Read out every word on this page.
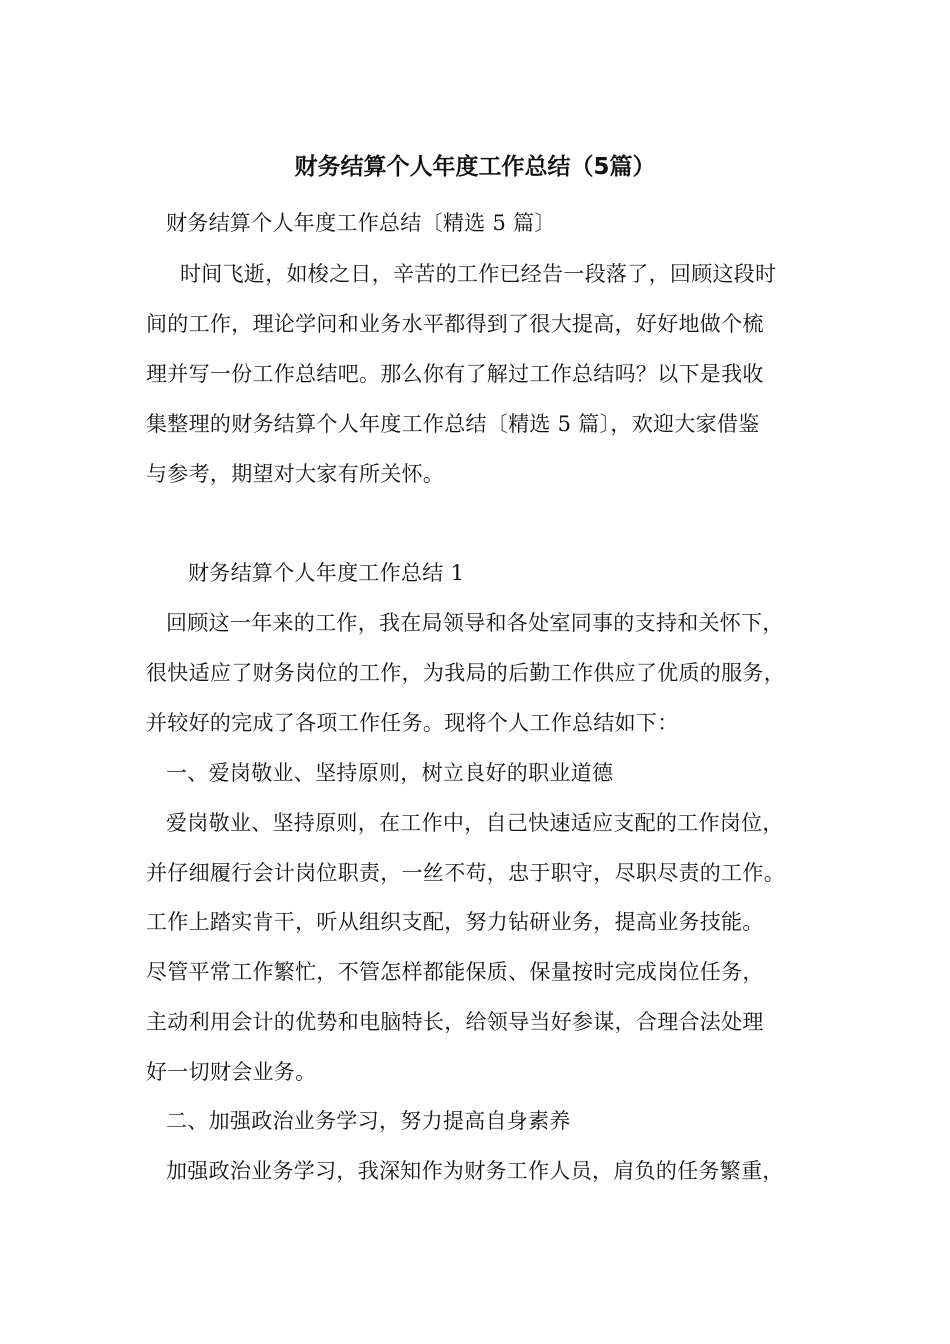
财务结算个人年度工作总结（5篇）
财务结算个人年度工作总结〔精选 5 篇〕
时间飞逝，如梭之日，辛苦的工作已经告一段落了，回顾这段时
间的工作，理论学问和业务水平都得到了很大提高，好好地做个梳
理并写一份工作总结吧。那么你有了解过工作总结吗？以下是我收
集整理的财务结算个人年度工作总结〔精选 5 篇〕，欢迎大家借鉴
与参考，期望对大家有所关怀。
财务结算个人年度工作总结 1
回顾这一年来的工作，我在局领导和各处室同事的支持和关怀下，
很快适应了财务岗位的工作，为我局的后勤工作供应了优质的服务，
并较好的完成了各项工作任务。现将个人工作总结如下：
一、爱岗敬业、坚持原则，树立良好的职业道德
爱岗敬业、坚持原则，在工作中，自己快速适应支配的工作岗位，
并仔细履行会计岗位职责，一丝不苟，忠于职守，尽职尽责的工作。
工作上踏实肯干，听从组织支配，努力钻研业务，提高业务技能。
尽管平常工作繁忙，不管怎样都能保质、保量按时完成岗位任务，
主动利用会计的优势和电脑特长，给领导当好参谋，合理合法处理
好一切财会业务。
二、加强政治业务学习，努力提高自身素养
加强政治业务学习，我深知作为财务工作人员，肩负的任务繁重，
